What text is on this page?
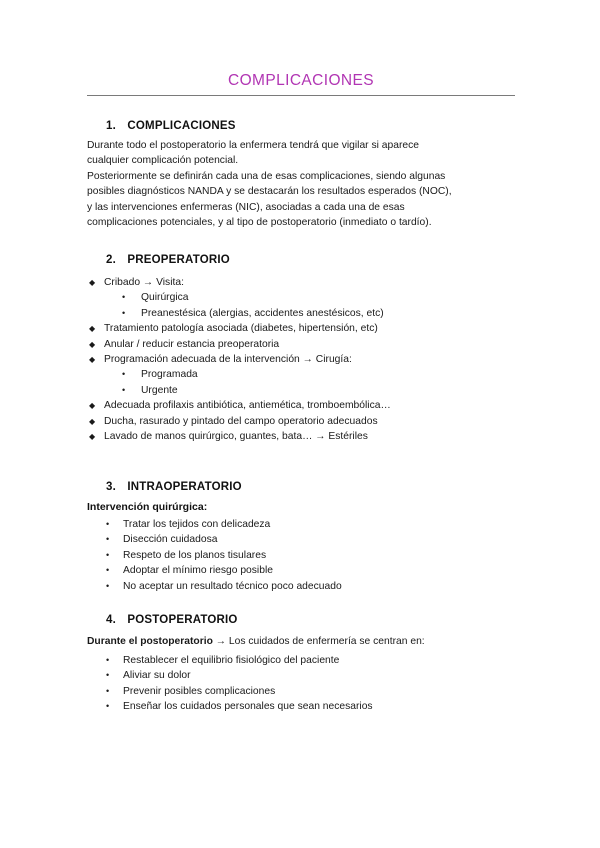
COMPLICACIONES
1. COMPLICACIONES
Durante todo el postoperatorio la enfermera tendrá que vigilar si aparece
cualquier complicación potencial.
Posteriormente se definirán cada una de esas complicaciones, siendo algunas
posibles diagnósticos NANDA y se destacarán los resultados esperados (NOC),
y las intervenciones enfermeras (NIC), asociadas a cada una de esas
complicaciones potenciales, y al tipo de postoperatorio (inmediato o tardío).
2. PREOPERATORIO
◆ Cribado → Visita:
• Quirúrgica
• Preanestésica (alergias, accidentes anestésicos, etc)
◆ Tratamiento patología asociada (diabetes, hipertensión, etc)
◆ Anular / reducir estancia preoperatoria
◆ Programación adecuada de la intervención → Cirugía:
• Programada
• Urgente
◆ Adecuada profilaxis antibiótica, antiemética, tromboembólica…
◆ Ducha, rasurado y pintado del campo operatorio adecuados
◆ Lavado de manos quirúrgico, guantes, bata… → Estériles
3. INTRAOPERATORIO
Intervención quirúrgica:
• Tratar los tejidos con delicadeza
• Disección cuidadosa
• Respeto de los planos tisulares
• Adoptar el mínimo riesgo posible
• No aceptar un resultado técnico poco adecuado
4. POSTOPERATORIO
Durante el postoperatorio → Los cuidados de enfermería se centran en:
• Restablecer el equilibrio fisiológico del paciente
• Aliviar su dolor
• Prevenir posibles complicaciones
• Enseñar los cuidados personales que sean necesarios
